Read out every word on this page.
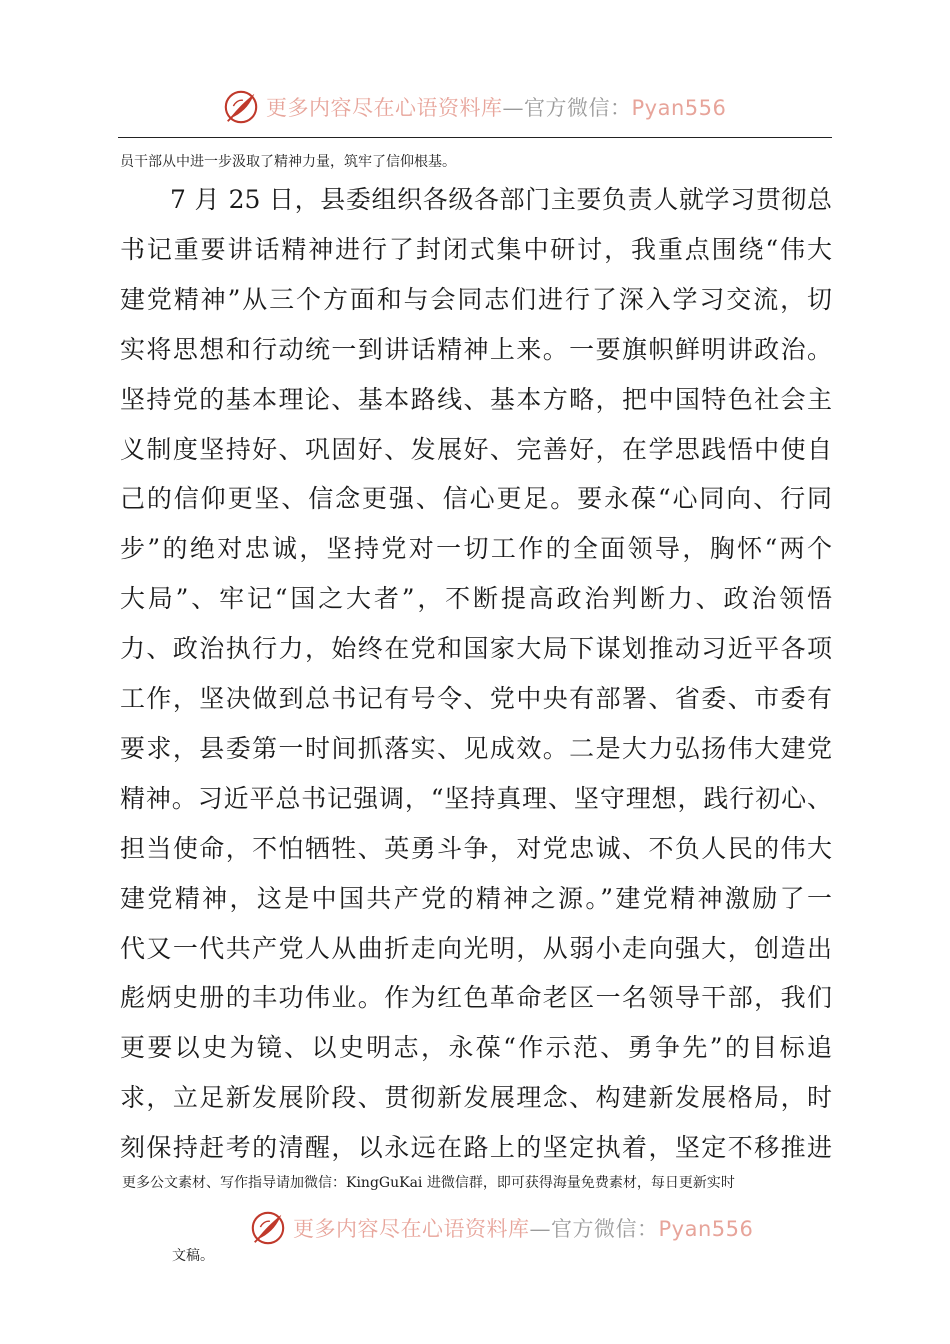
更多内容尽在心语资料库—官方微信：Pyan556
员干部从中进一步汲取了精神力量，筑牢了信仰根基。
7 月 25 日，县委组织各级各部门主要负责人就学习贯彻总
书记重要讲话精神进行了封闭式集中研讨，我重点围绕“伟大
建党精神”从三个方面和与会同志们进行了深入学习交流，切
实将思想和行动统一到讲话精神上来。一要旗帜鲜明讲政治。
坚持党的基本理论、基本路线、基本方略，把中国特色社会主
义制度坚持好、巩固好、发展好、完善好，在学思践悟中使自
己的信仰更坚、信念更强、信心更足。要永葆“心同向、行同
步”的绝对忠诚，坚持党对一切工作的全面领导，胸怀“两个
大局”、牢记“国之大者”，不断提高政治判断力、政治领悟
力、政治执行力，始终在党和国家大局下谋划推动习近平各项
工作，坚决做到总书记有号令、党中央有部署、省委、市委有
要求，县委第一时间抓落实、见成效。二是大力弘扬伟大建党
精神。习近平总书记强调，“坚持真理、坚守理想，践行初心、
担当使命，不怕牺牲、英勇斗争，对党忠诚、不负人民的伟大
建党精神，这是中国共产党的精神之源。”建党精神激励了一
代又一代共产党人从曲折走向光明，从弱小走向强大，创造出
彪炳史册的丰功伟业。作为红色革命老区一名领导干部，我们
更要以史为镜、以史明志，永葆“作示范、勇争先”的目标追
求，立足新发展阶段、贯彻新发展理念、构建新发展格局，时
刻保持赶考的清醒，以永远在路上的坚定执着，坚定不移推进
更多公文素材、写作指导请加微信：KingGuKai 进微信群，即可获得海量免费素材，每日更新实时
更多内容尽在心语资料库—官方微信：Pyan556
文稿。
